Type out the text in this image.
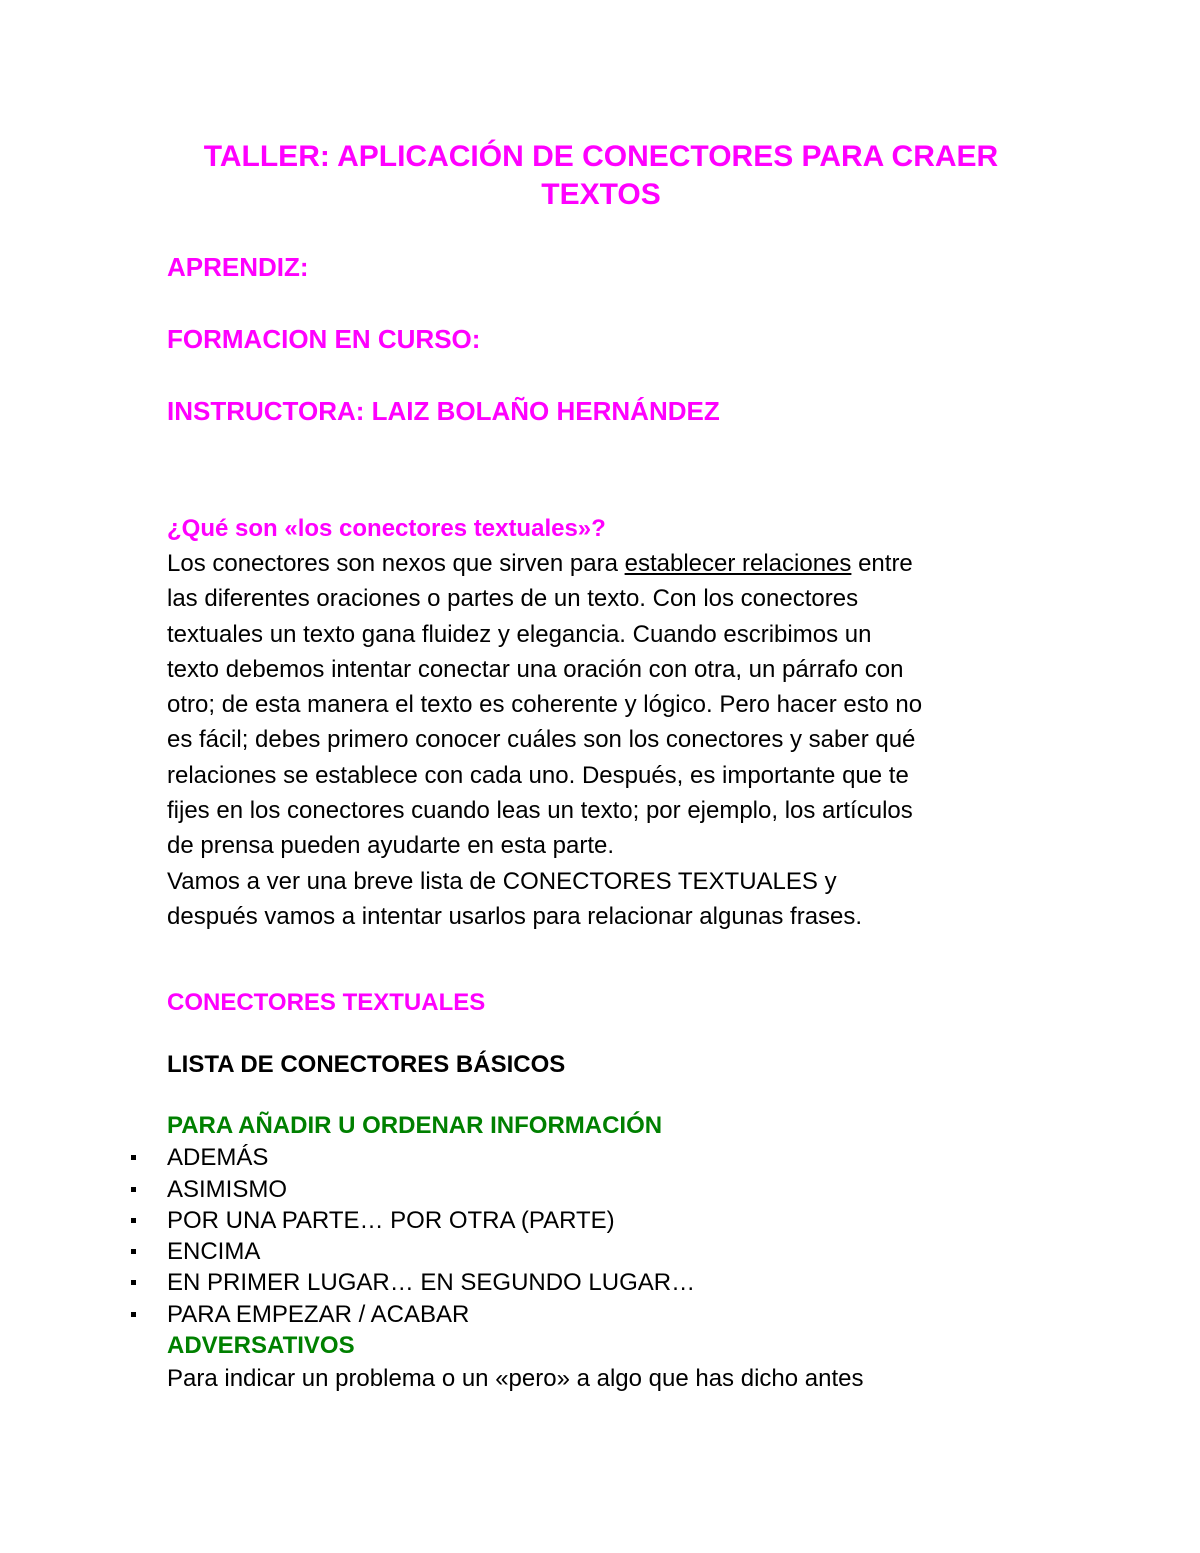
TALLER: APLICACIÓN DE CONECTORES PARA CRAER
TEXTOS
APRENDIZ:
FORMACION EN CURSO:
INSTRUCTORA: LAIZ BOLAÑO HERNÁNDEZ
¿Qué son «los conectores textuales»?
Los conectores son nexos que sirven para establecer relaciones entre
las diferentes oraciones o partes de un texto. Con los conectores
textuales un texto gana fluidez y elegancia. Cuando escribimos un
texto debemos intentar conectar una oración con otra, un párrafo con
otro; de esta manera el texto es coherente y lógico. Pero hacer esto no
es fácil; debes primero conocer cuáles son los conectores y saber qué
relaciones se establece con cada uno. Después, es importante que te
fijes en los conectores cuando leas un texto; por ejemplo, los artículos
de prensa pueden ayudarte en esta parte.
Vamos a ver una breve lista de CONECTORES TEXTUALES y
después vamos a intentar usarlos para relacionar algunas frases.
CONECTORES TEXTUALES
LISTA DE CONECTORES BÁSICOS
PARA AÑADIR U ORDENAR INFORMACIÓN
ADEMÁS
ASIMISMO
POR UNA PARTE… POR OTRA (PARTE)
ENCIMA
EN PRIMER LUGAR… EN SEGUNDO LUGAR…
PARA EMPEZAR / ACABAR
ADVERSATIVOS
Para indicar un problema o un «pero» a algo que has dicho antes
